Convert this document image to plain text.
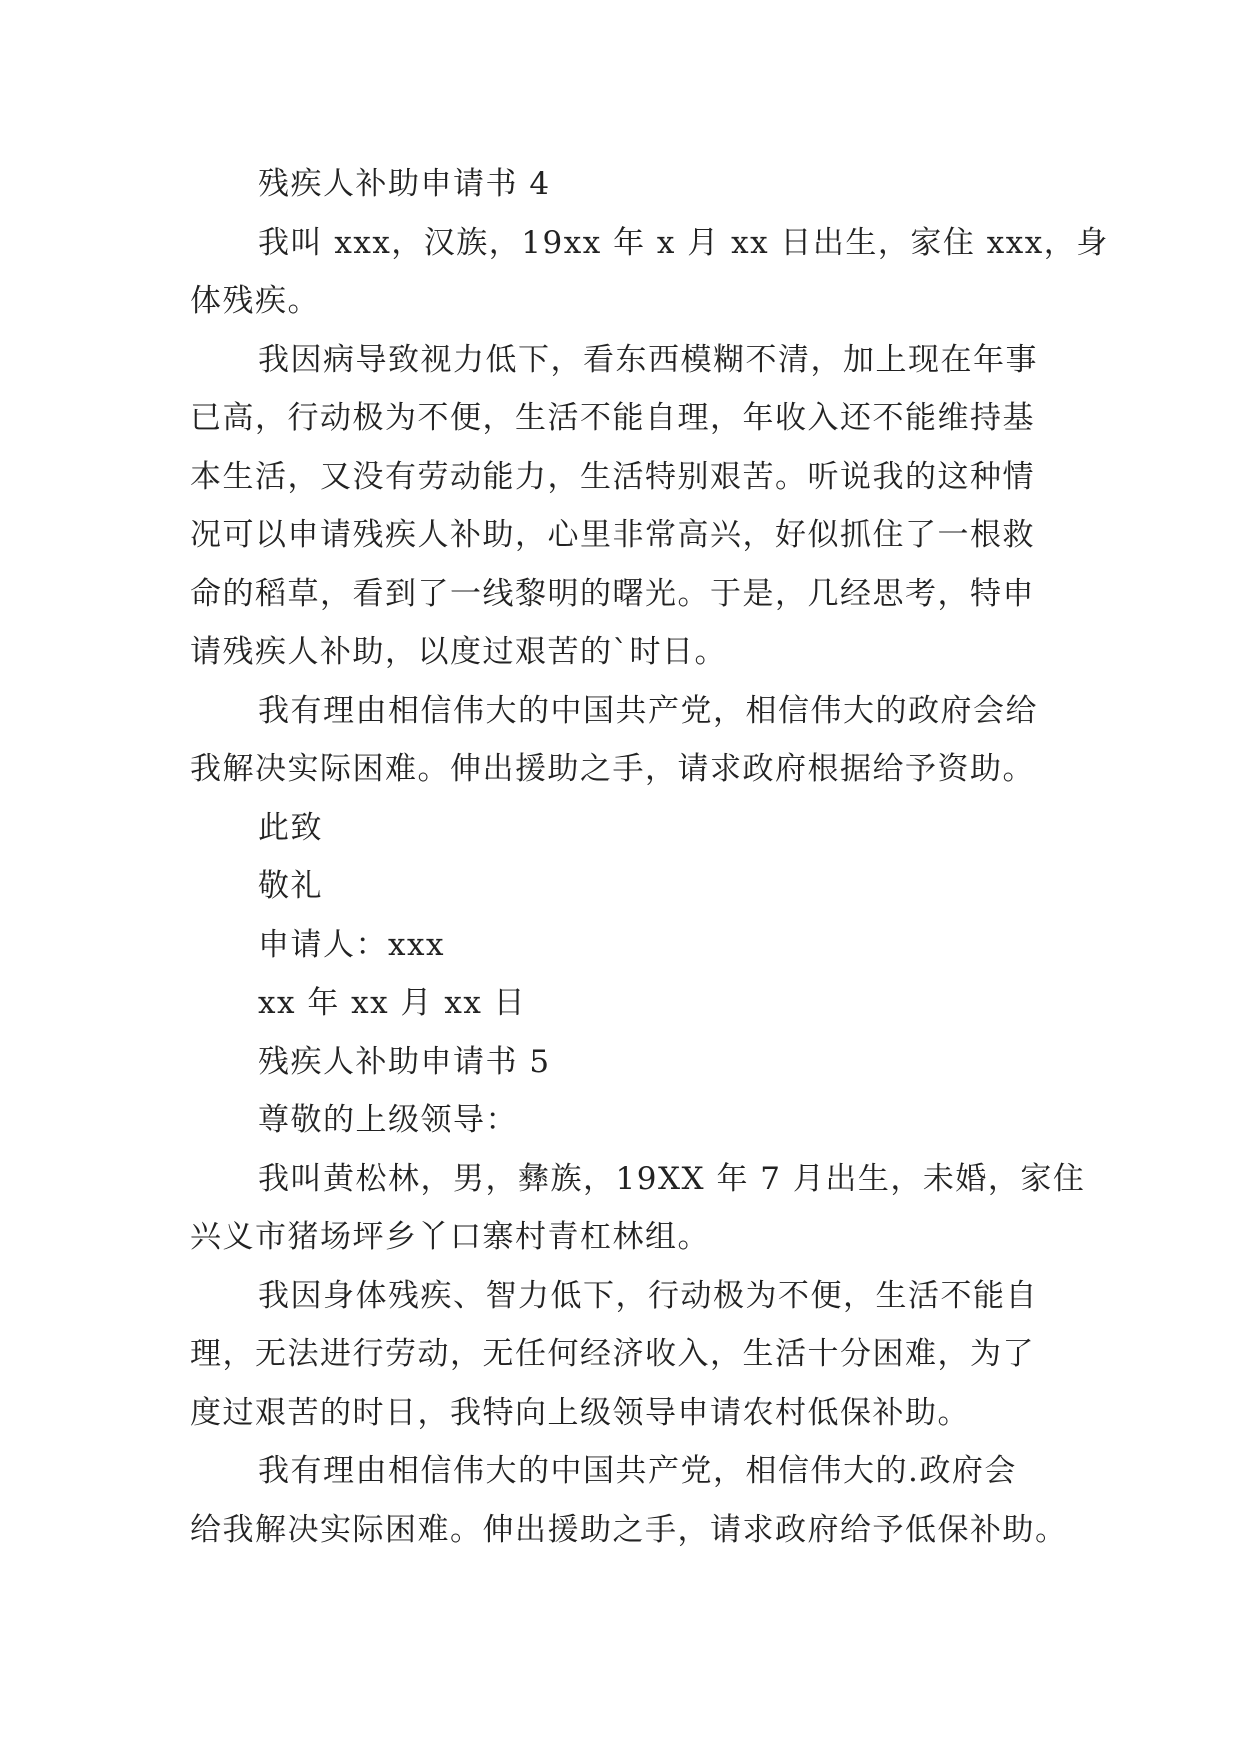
残疾人补助申请书 4
我叫 xxx，汉族，19xx 年 x 月 xx 日出生，家住 xxx，身
体残疾。
我因病导致视力低下，看东西模糊不清，加上现在年事
已高，行动极为不便，生活不能自理，年收入还不能维持基
本生活，又没有劳动能力，生活特别艰苦。听说我的这种情
况可以申请残疾人补助，心里非常高兴，好似抓住了一根救
命的稻草，看到了一线黎明的曙光。于是，几经思考，特申
请残疾人补助，以度过艰苦的`时日。
我有理由相信伟大的中国共产党，相信伟大的政府会给
我解决实际困难。伸出援助之手，请求政府根据给予资助。
此致
敬礼
申请人：xxx
xx 年 xx 月 xx 日
残疾人补助申请书 5
尊敬的上级领导：
我叫黄松林，男，彝族，19XX 年 7 月出生，未婚，家住
兴义市猪场坪乡丫口寨村青杠林组。
我因身体残疾、智力低下，行动极为不便，生活不能自
理，无法进行劳动，无任何经济收入，生活十分困难，为了
度过艰苦的时日，我特向上级领导申请农村低保补助。
我有理由相信伟大的中国共产党，相信伟大的.政府会
给我解决实际困难。伸出援助之手，请求政府给予低保补助。
